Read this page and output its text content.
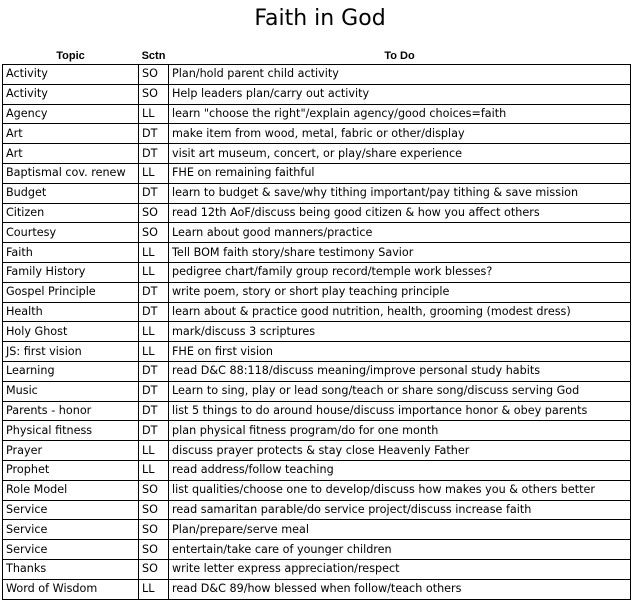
Faith in God
Topic	Sctn	To Do
Activity	SO	Plan/hold parent child activity
Activity	SO	Help leaders plan/carry out activity
Agency	LL	learn "choose the right"/explain agency/good choices=faith
Art	DT	make item from wood, metal, fabric or other/display
Art	DT	visit art museum, concert, or play/share experience
Baptismal cov. renew	LL	FHE on remaining faithful
Budget	DT	learn to budget & save/why tithing important/pay tithing & save mission
Citizen	SO	read 12th AoF/discuss being good citizen & how you affect others
Courtesy	SO	Learn about good manners/practice
Faith	LL	Tell BOM faith story/share testimony Savior
Family History	LL	pedigree chart/family group record/temple work blesses?
Gospel Principle	DT	write poem, story or short play teaching principle
Health	DT	learn about & practice good nutrition, health, grooming (modest dress)
Holy Ghost	LL	mark/discuss 3 scriptures
JS: first vision	LL	FHE on first vision
Learning	DT	read D&C 88:118/discuss meaning/improve personal study habits
Music	DT	Learn to sing, play or lead song/teach or share song/discuss serving God
Parents - honor	DT	list 5 things to do around house/discuss importance honor & obey parents
Physical fitness	DT	plan physical fitness program/do for one month
Prayer	LL	discuss prayer protects & stay close Heavenly Father
Prophet	LL	read address/follow teaching
Role Model	SO	list qualities/choose one to develop/discuss how makes you & others better
Service	SO	read samaritan parable/do service project/discuss increase faith
Service	SO	Plan/prepare/serve meal
Service	SO	entertain/take care of younger children
Thanks	SO	write letter express appreciation/respect
Word of Wisdom	LL	read D&C 89/how blessed when follow/teach others
